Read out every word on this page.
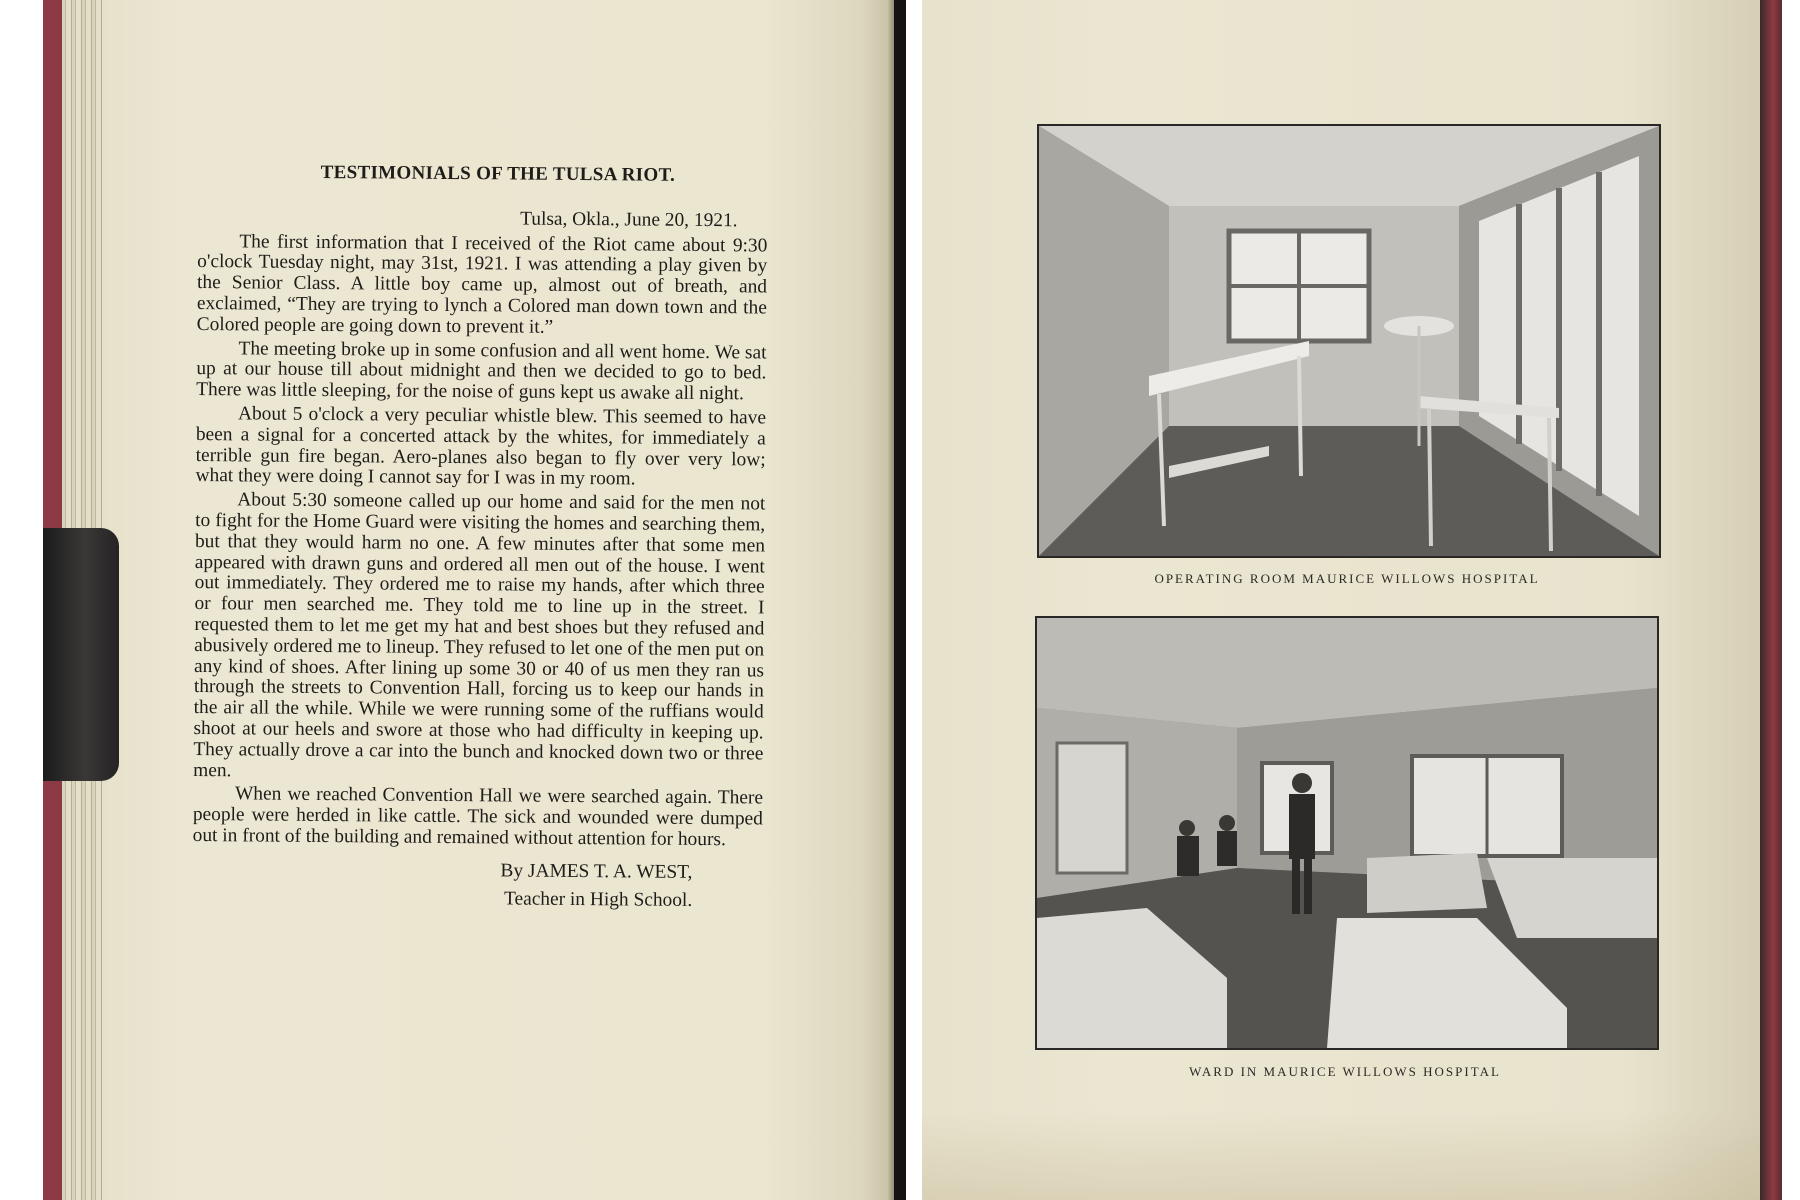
TESTIMONIALS OF THE TULSA RIOT.
Tulsa, Okla., June 20, 1921.

The first information that I received of the Riot came about 9:30 o'clock Tuesday night, may 31st, 1921. I was attending a play given by the Senior Class. A little boy came up, almost out of breath, and exclaimed, “They are trying to lynch a Colored man down town and the Colored people are going down to prevent it.”

The meeting broke up in some confusion and all went home. We sat up at our house till about midnight and then we decided to go to bed. There was little sleeping, for the noise of guns kept us awake all night.

About 5 o'clock a very peculiar whistle blew. This seemed to have been a signal for a concerted attack by the whites, for immediately a terrible gun fire began. Aero-planes also began to fly over very low; what they were doing I cannot say for I was in my room.

About 5:30 someone called up our home and said for the men not to fight for the Home Guard were visiting the homes and searching them, but that they would harm no one. A few minutes after that some men appeared with drawn guns and ordered all men out of the house. I went out immediately. They ordered me to raise my hands, after which three or four men searched me. They told me to line up in the street. I requested them to let me get my hat and best shoes but they refused and abusively ordered me to lineup. They refused to let one of the men put on any kind of shoes. After lining up some 30 or 40 of us men they ran us through the streets to Convention Hall, forcing us to keep our hands in the air all the while. While we were running some of the ruffians would shoot at our heels and swore at those who had difficulty in keeping up. They actually drove a car into the bunch and knocked down two or three men.

When we reached Convention Hall we were searched again. There people were herded in like cattle. The sick and wounded were dumped out in front of the building and remained without attention for hours.

By JAMES T. A. WEST,
Teacher in High School.
OPERATING ROOM MAURICE WILLOWS HOSPITAL
WARD IN MAURICE WILLOWS HOSPITAL
